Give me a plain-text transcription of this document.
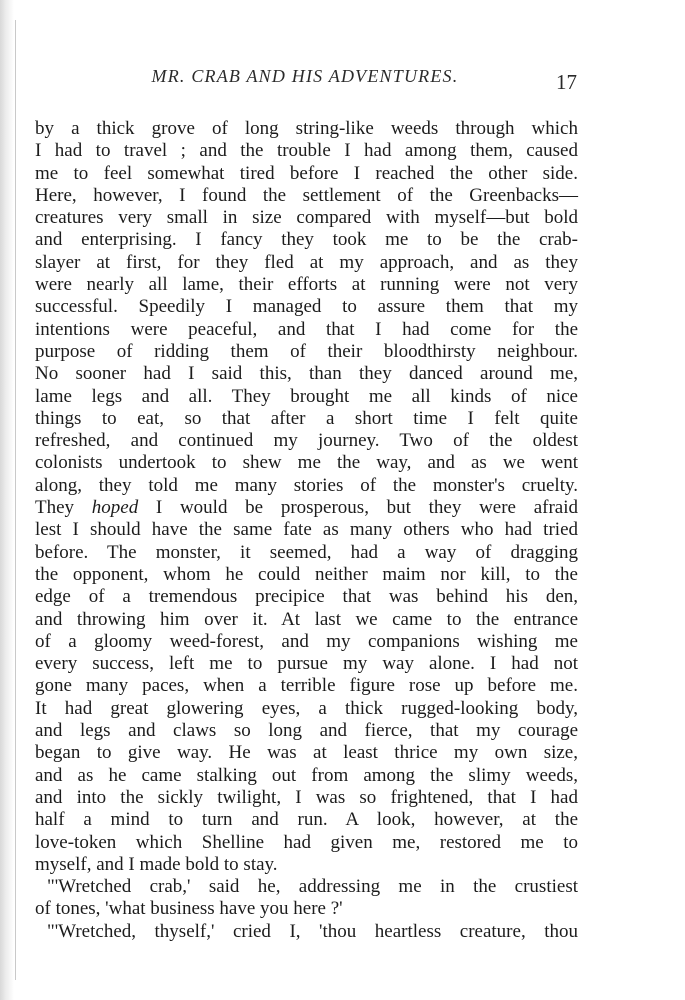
MR. CRAB AND HIS ADVENTURES.	17
by a thick grove of long string-like weeds through which
I had to travel ; and the trouble I had among them, caused
me to feel somewhat tired before I reached the other side.
Here, however, I found the settlement of the Greenbacks—
creatures very small in size compared with myself—but bold
and enterprising. I fancy they took me to be the crab-
slayer at first, for they fled at my approach, and as they
were nearly all lame, their efforts at running were not very
successful. Speedily I managed to assure them that my
intentions were peaceful, and that I had come for the
purpose of ridding them of their bloodthirsty neighbour.
No sooner had I said this, than they danced around me,
lame legs and all. They brought me all kinds of nice
things to eat, so that after a short time I felt quite
refreshed, and continued my journey. Two of the oldest
colonists undertook to shew me the way, and as we went
along, they told me many stories of the monster's cruelty.
They hoped I would be prosperous, but they were afraid
lest I should have the same fate as many others who had tried
before. The monster, it seemed, had a way of dragging
the opponent, whom he could neither maim nor kill, to the
edge of a tremendous precipice that was behind his den,
and throwing him over it. At last we came to the entrance
of a gloomy weed-forest, and my companions wishing me
every success, left me to pursue my way alone. I had not
gone many paces, when a terrible figure rose up before me.
It had great glowering eyes, a thick rugged-looking body,
and legs and claws so long and fierce, that my courage
began to give way. He was at least thrice my own size,
and as he came stalking out from among the slimy weeds,
and into the sickly twilight, I was so frightened, that I had
half a mind to turn and run. A look, however, at the
love-token which Shelline had given me, restored me to
myself, and I made bold to stay.
"'Wretched crab,' said he, addressing me in the crustiest
of tones, 'what business have you here ?'
"'Wretched, thyself,' cried I, 'thou heartless creature, thou
